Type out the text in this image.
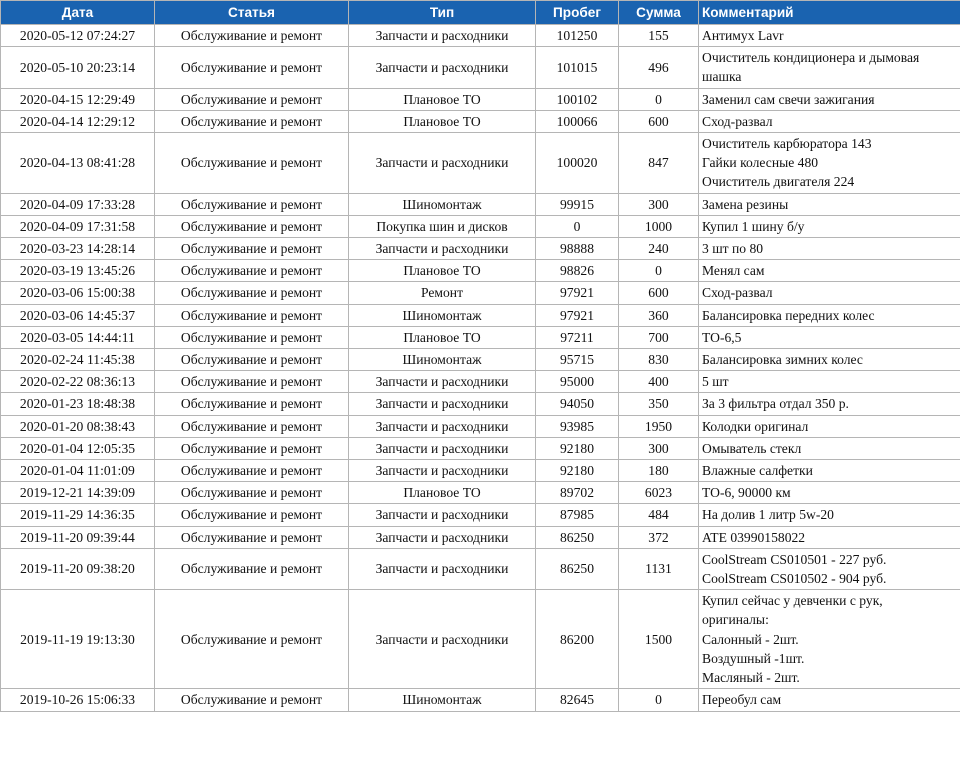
Дата	Статья	Тип	Пробег	Сумма	Комментарий
2020-05-12 07:24:27	Обслуживание и ремонт	Запчасти и расходники	101250	155	Антимух Lavr

2020-05-10 20:23:14	Обслуживание и ремонт	Запчасти и расходники	101015	496	Очиститель кондиционера и дымовая
шашка

2020-04-15 12:29:49	Обслуживание и ремонт	Плановое ТО	100102	0	Заменил сам свечи зажигания

2020-04-14 12:29:12	Обслуживание и ремонт	Плановое ТО	100066	600	Сход-развал

2020-04-13 08:41:28	Обслуживание и ремонт	Запчасти и расходники	100020	847	Очиститель карбюратора 143
Гайки колесные 480
Очиститель двигателя 224

2020-04-09 17:33:28	Обслуживание и ремонт	Шиномонтаж	99915	300	Замена резины

2020-04-09 17:31:58	Обслуживание и ремонт	Покупка шин и дисков	0	1000	Купил 1 шину б/у

2020-03-23 14:28:14	Обслуживание и ремонт	Запчасти и расходники	98888	240	3 шт по 80

2020-03-19 13:45:26	Обслуживание и ремонт	Плановое ТО	98826	0	Менял сам

2020-03-06 15:00:38	Обслуживание и ремонт	Ремонт	97921	600	Сход-развал

2020-03-06 14:45:37	Обслуживание и ремонт	Шиномонтаж	97921	360	Балансировка передних колес

2020-03-05 14:44:11	Обслуживание и ремонт	Плановое ТО	97211	700	ТО-6,5

2020-02-24 11:45:38	Обслуживание и ремонт	Шиномонтаж	95715	830	Балансировка зимних колес

2020-02-22 08:36:13	Обслуживание и ремонт	Запчасти и расходники	95000	400	5 шт

2020-01-23 18:48:38	Обслуживание и ремонт	Запчасти и расходники	94050	350	За 3 фильтра отдал 350 р.

2020-01-20 08:38:43	Обслуживание и ремонт	Запчасти и расходники	93985	1950	Колодки оригинал

2020-01-04 12:05:35	Обслуживание и ремонт	Запчасти и расходники	92180	300	Омыватель стекл

2020-01-04 11:01:09	Обслуживание и ремонт	Запчасти и расходники	92180	180	Влажные салфетки

2019-12-21 14:39:09	Обслуживание и ремонт	Плановое ТО	89702	6023	ТО-6, 90000 км

2019-11-29 14:36:35	Обслуживание и ремонт	Запчасти и расходники	87985	484	На долив 1 литр 5w-20

2019-11-20 09:39:44	Обслуживание и ремонт	Запчасти и расходники	86250	372	ATE 03990158022

2019-11-20 09:38:20	Обслуживание и ремонт	Запчасти и расходники	86250	1131	CoolStream CS010501 - 227 руб.
CoolStream CS010502 - 904 руб.

2019-11-19 19:13:30	Обслуживание и ремонт	Запчасти и расходники	86200	1500	Купил сейчас у девченки с рук,
оригиналы:
Салонный - 2шт.
Воздушный -1шт.
Масляный - 2шт.

2019-10-26 15:06:33	Обслуживание и ремонт	Шиномонтаж	82645	0	Переобул сам
